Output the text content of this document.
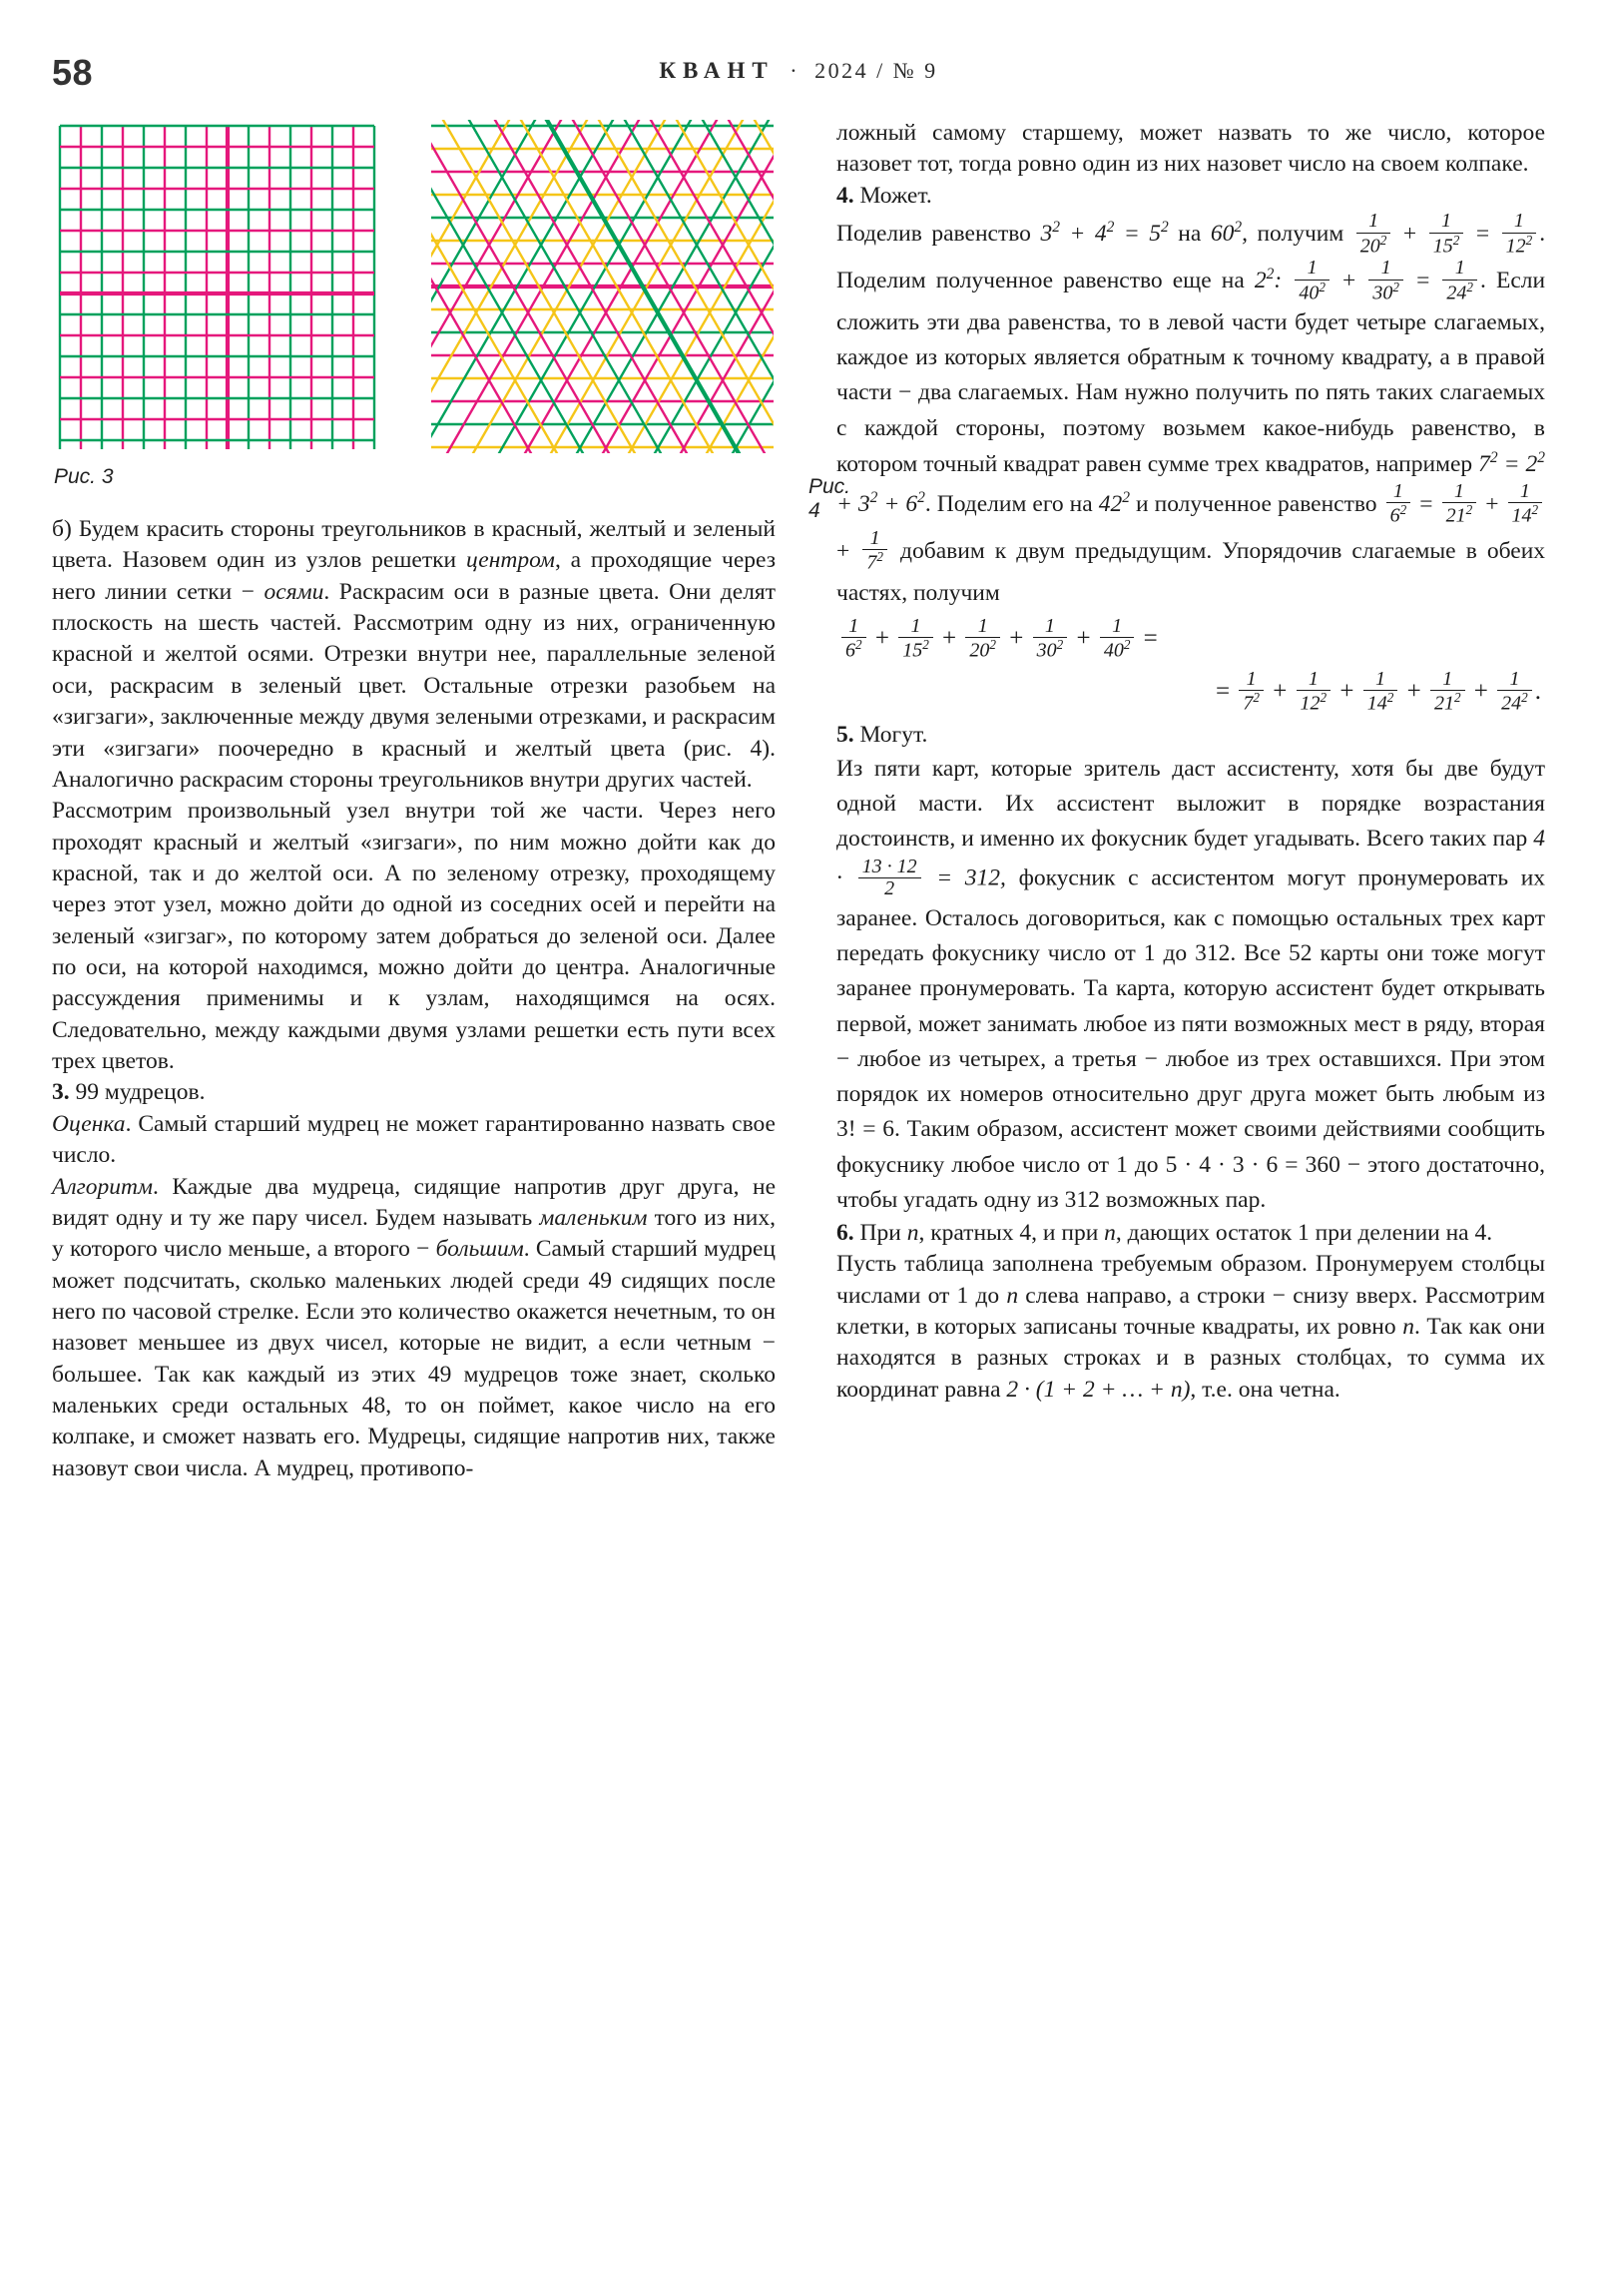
58	КВАНТ · 2024 / № 9
Рис. 3	Рис. 4

б) Будем красить стороны треугольников в красный, желтый и зеленый цвета. Назовем один из узлов решетки центром, а проходящие через него линии сетки − осями. Раскрасим оси в разные цвета. Они делят плоскость на шесть частей. Рассмотрим одну из них, ограниченную красной и желтой осями. Отрезки внутри нее, параллельные зеленой оси, раскрасим в зеленый цвет. Остальные отрезки разобьем на «зигзаги», заключенные между двумя зелеными отрезками, и раскрасим эти «зигзаги» поочередно в красный и желтый цвета (рис. 4). Аналогично раскрасим стороны треугольников внутри других частей.

Рассмотрим произвольный узел внутри той же части. Через него проходят красный и желтый «зигзаги», по ним можно дойти как до красной, так и до желтой оси. А по зеленому отрезку, проходящему через этот узел, можно дойти до одной из соседних осей и перейти на зеленый «зигзаг», по которому затем добраться до зеленой оси. Далее по оси, на которой находимся, можно дойти до центра. Аналогичные рассуждения применимы и к узлам, находящимся на осях. Следовательно, между каждыми двумя узлами решетки есть пути всех трех цветов.

3. 99 мудрецов.

Оценка. Самый старший мудрец не может гарантированно назвать свое число.

Алгоритм. Каждые два мудреца, сидящие напротив друг друга, не видят одну и ту же пару чисел. Будем называть маленьким того из них, у которого число меньше, а второго − большим. Самый старший мудрец может подсчитать, сколько маленьких людей среди 49 сидящих после него по часовой стрелке. Если это количество окажется нечетным, то он назовет меньшее из двух чисел, которые не видит, а если четным − большее. Так как каждый из этих 49 мудрецов тоже знает, сколько маленьких среди остальных 48, то он поймет, какое число на его колпаке, и сможет назвать его. Мудрецы, сидящие напротив них, также назовут свои числа. А мудрец, противопо-

ложный самому старшему, может назвать то же число, которое назовет тот, тогда ровно один из них назовет число на своем колпаке.

4. Может.

Поделив равенство $3^2 + 4^2 = 5^2$ на $60^2$, получим $\frac{1}{20^2} + \frac{1}{15^2} = \frac{1}{12^2}$ . Поделим полученное равенство еще на $2^2$: $\frac{1}{40^2} + \frac{1}{30^2} = \frac{1}{24^2}$ . Если сложить эти два равенства, то в левой части будет четыре слагаемых, каждое из которых является обратным к точному квадрату, а в правой части − два слагаемых. Нам нужно получить по пять таких слагаемых с каждой стороны, поэтому возьмем какое-нибудь равенство, в котором точный квадрат равен сумме трех квадратов, например $7^2 = 2^2 + 3^2 + 6^2$. Поделим его на $42^2$ и полученное равенство $\frac{1}{6^2} = \frac{1}{21^2} + \frac{1}{14^2}$
+ $\frac{1}{7^2}$ добавим к двум предыдущим. Упорядочив слагаемые в обеих частях, получим

$\frac{1}{6^2} + \frac{1}{15^2} + \frac{1}{20^2} + \frac{1}{30^2} + \frac{1}{40^2}$ =
= $\frac{1}{7^2} + \frac{1}{12^2} + \frac{1}{14^2} + \frac{1}{21^2} + \frac{1}{24^2}$ .

5. Могут.

Из пяти карт, которые зритель даст ассистенту, хотя бы две будут одной масти. Их ассистент выложит в порядке возрастания достоинств, и именно их фокусник будет угадывать. Всего таких пар $4 \cdot \frac{13 \cdot 12}{2} = 312$, фокусник с ассистентом могут пронумеровать их заранее. Осталось договориться, как с помощью остальных трех карт передать фокуснику число от 1 до 312. Все 52 карты они тоже могут заранее пронумеровать. Та карта, которую ассистент будет открывать первой, может занимать любое из пяти возможных мест в ряду, вторая − любое из четырех, а третья − любое из трех оставшихся. При этом порядок их номеров относительно друг друга может быть любым из 3! = 6. Таким образом, ассистент может своими действиями сообщить фокуснику любое число от 1 до 5 · 4 · 3 · 6 = 360 − этого достаточно, чтобы угадать одну из 312 возможных пар.

6. При n, кратных 4, и при n, дающих остаток 1 при делении на 4.

Пусть таблица заполнена требуемым образом. Пронумеруем столбцы числами от 1 до n слева направо, а строки − снизу вверх. Рассмотрим клетки, в которых записаны точные квадраты, их ровно n. Так как они находятся в разных строках и в разных столбцах, то сумма их координат равна 2 · (1 + 2 + … + n), т.е. она четна.
